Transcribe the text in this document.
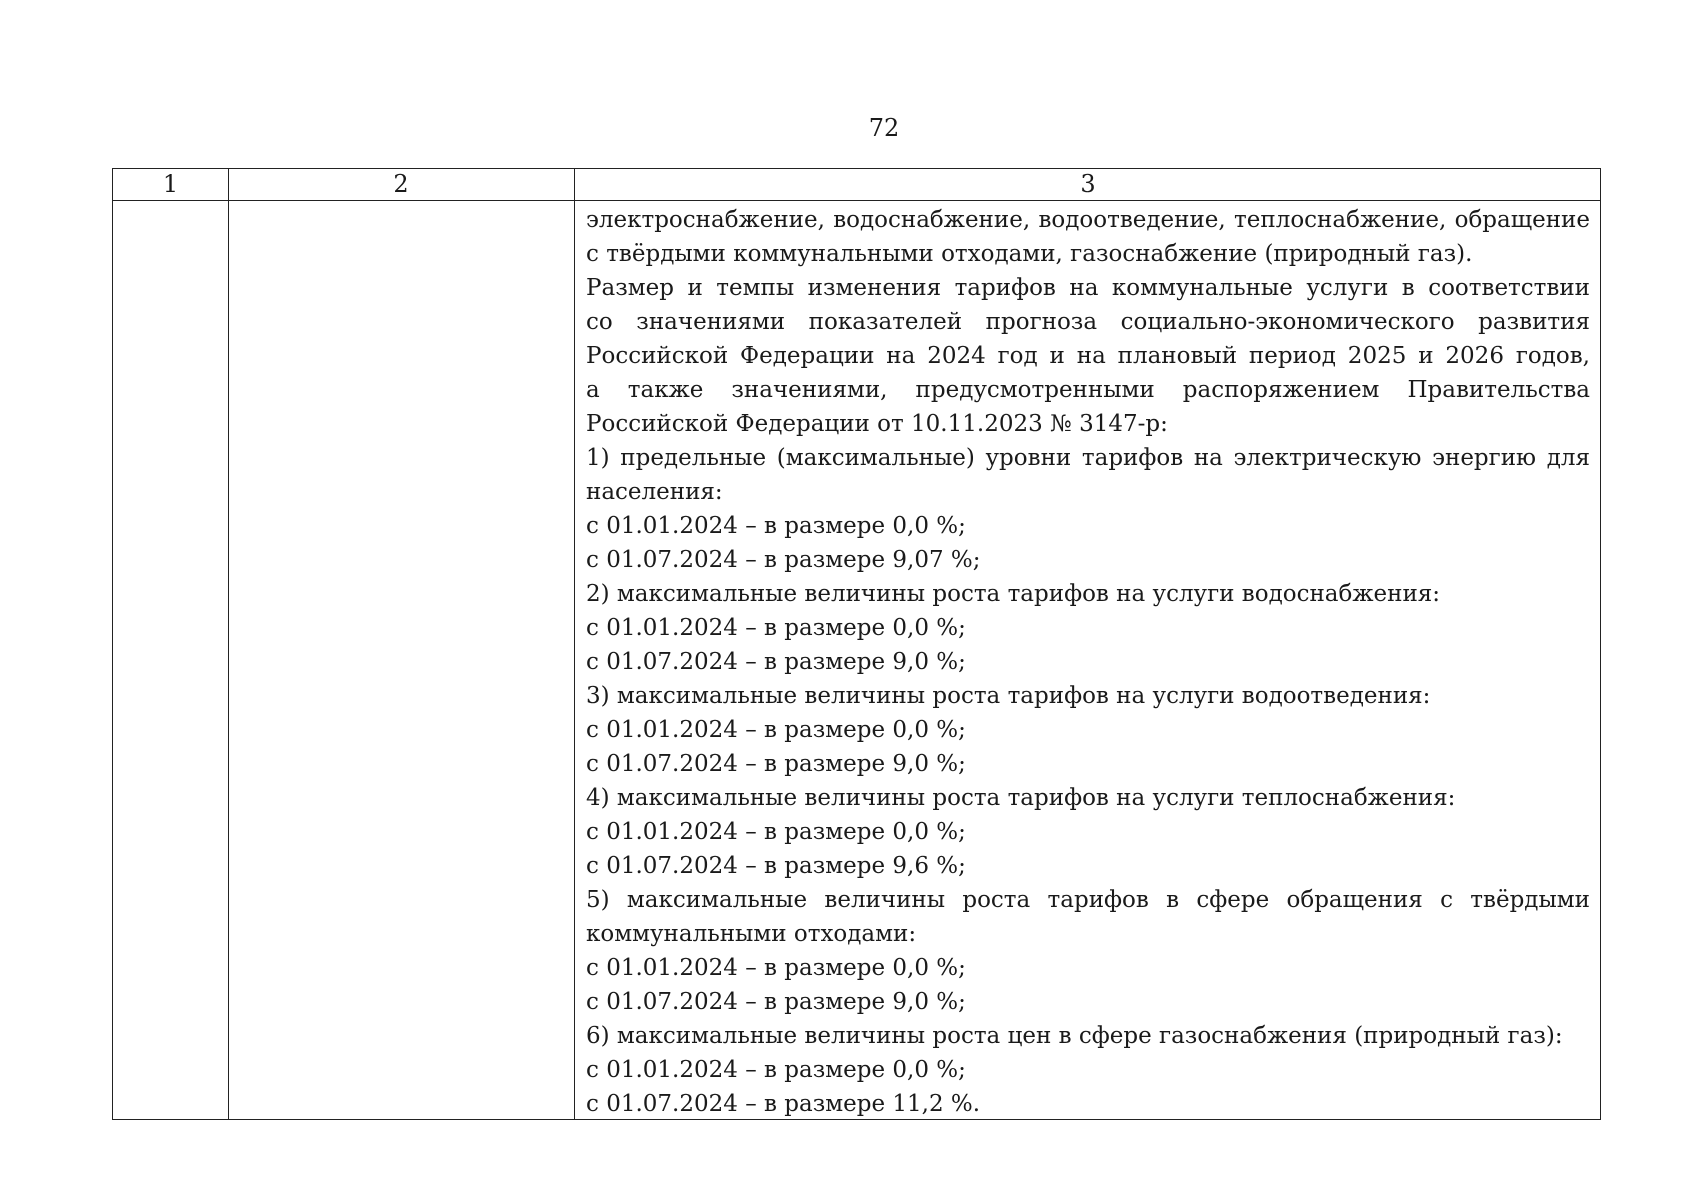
72
1	2	3
электроснабжение, водоснабжение, водоотведение, теплоснабжение, обращение
с твёрдыми коммунальными отходами, газоснабжение (природный газ).
Размер и темпы изменения тарифов на коммунальные услуги в соответствии
со значениями показателей прогноза социально-экономического развития
Российской Федерации на 2024 год и на плановый период 2025 и 2026 годов,
а также значениями, предусмотренными распоряжением Правительства
Российской Федерации от 10.11.2023 № 3147-р:
1) предельные (максимальные) уровни тарифов на электрическую энергию для
населения:
с 01.01.2024 – в размере 0,0 %;
с 01.07.2024 – в размере 9,07 %;
2) максимальные величины роста тарифов на услуги водоснабжения:
с 01.01.2024 – в размере 0,0 %;
с 01.07.2024 – в размере 9,0 %;
3) максимальные величины роста тарифов на услуги водоотведения:
с 01.01.2024 – в размере 0,0 %;
с 01.07.2024 – в размере 9,0 %;
4) максимальные величины роста тарифов на услуги теплоснабжения:
с 01.01.2024 – в размере 0,0 %;
с 01.07.2024 – в размере 9,6 %;
5) максимальные величины роста тарифов в сфере обращения с твёрдыми
коммунальными отходами:
с 01.01.2024 – в размере 0,0 %;
с 01.07.2024 – в размере 9,0 %;
6) максимальные величины роста цен в сфере газоснабжения (природный газ):
с 01.01.2024 – в размере 0,0 %;
с 01.07.2024 – в размере 11,2 %.
